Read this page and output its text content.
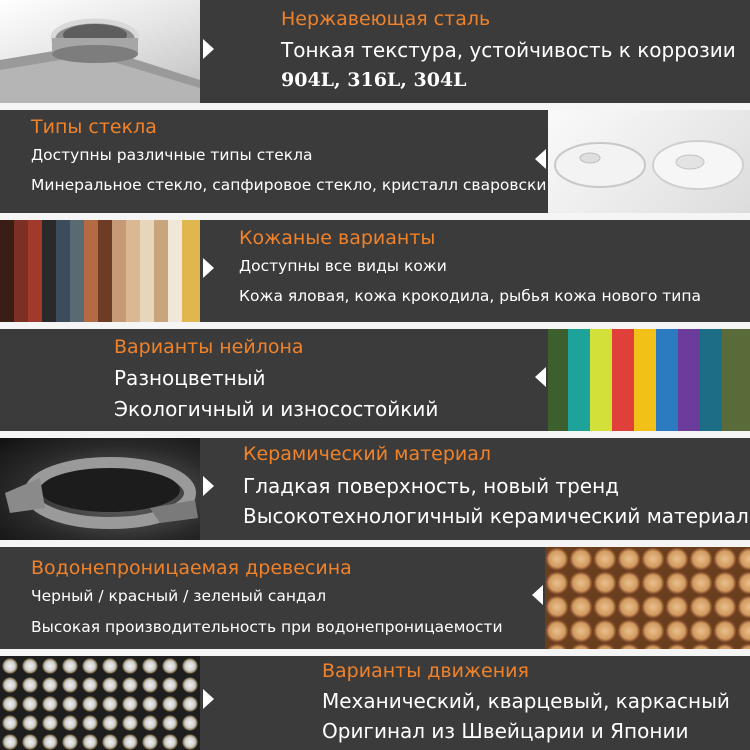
Нержавеющая сталь
Тонкая текстура, устойчивость к коррозии
904L, 316L, 304L
Типы стекла
Доступны различные типы стекла
Минеральное стекло, сапфировое стекло, кристалл сваровски
Кожаные варианты
Доступны все виды кожи
Кожа яловая, кожа крокодила, рыбья кожа нового типа
Варианты нейлона
Разноцветный
Экологичный и износостойкий
Керамический материал
Гладкая поверхность, новый тренд
Высокотехнологичный керамический материал
Водонепроницаемая древесина
Черный / красный / зеленый сандал
Высокая производительность при водонепроницаемости
Варианты движения
Механический, кварцевый, каркасный
Оригинал из Швейцарии и Японии
